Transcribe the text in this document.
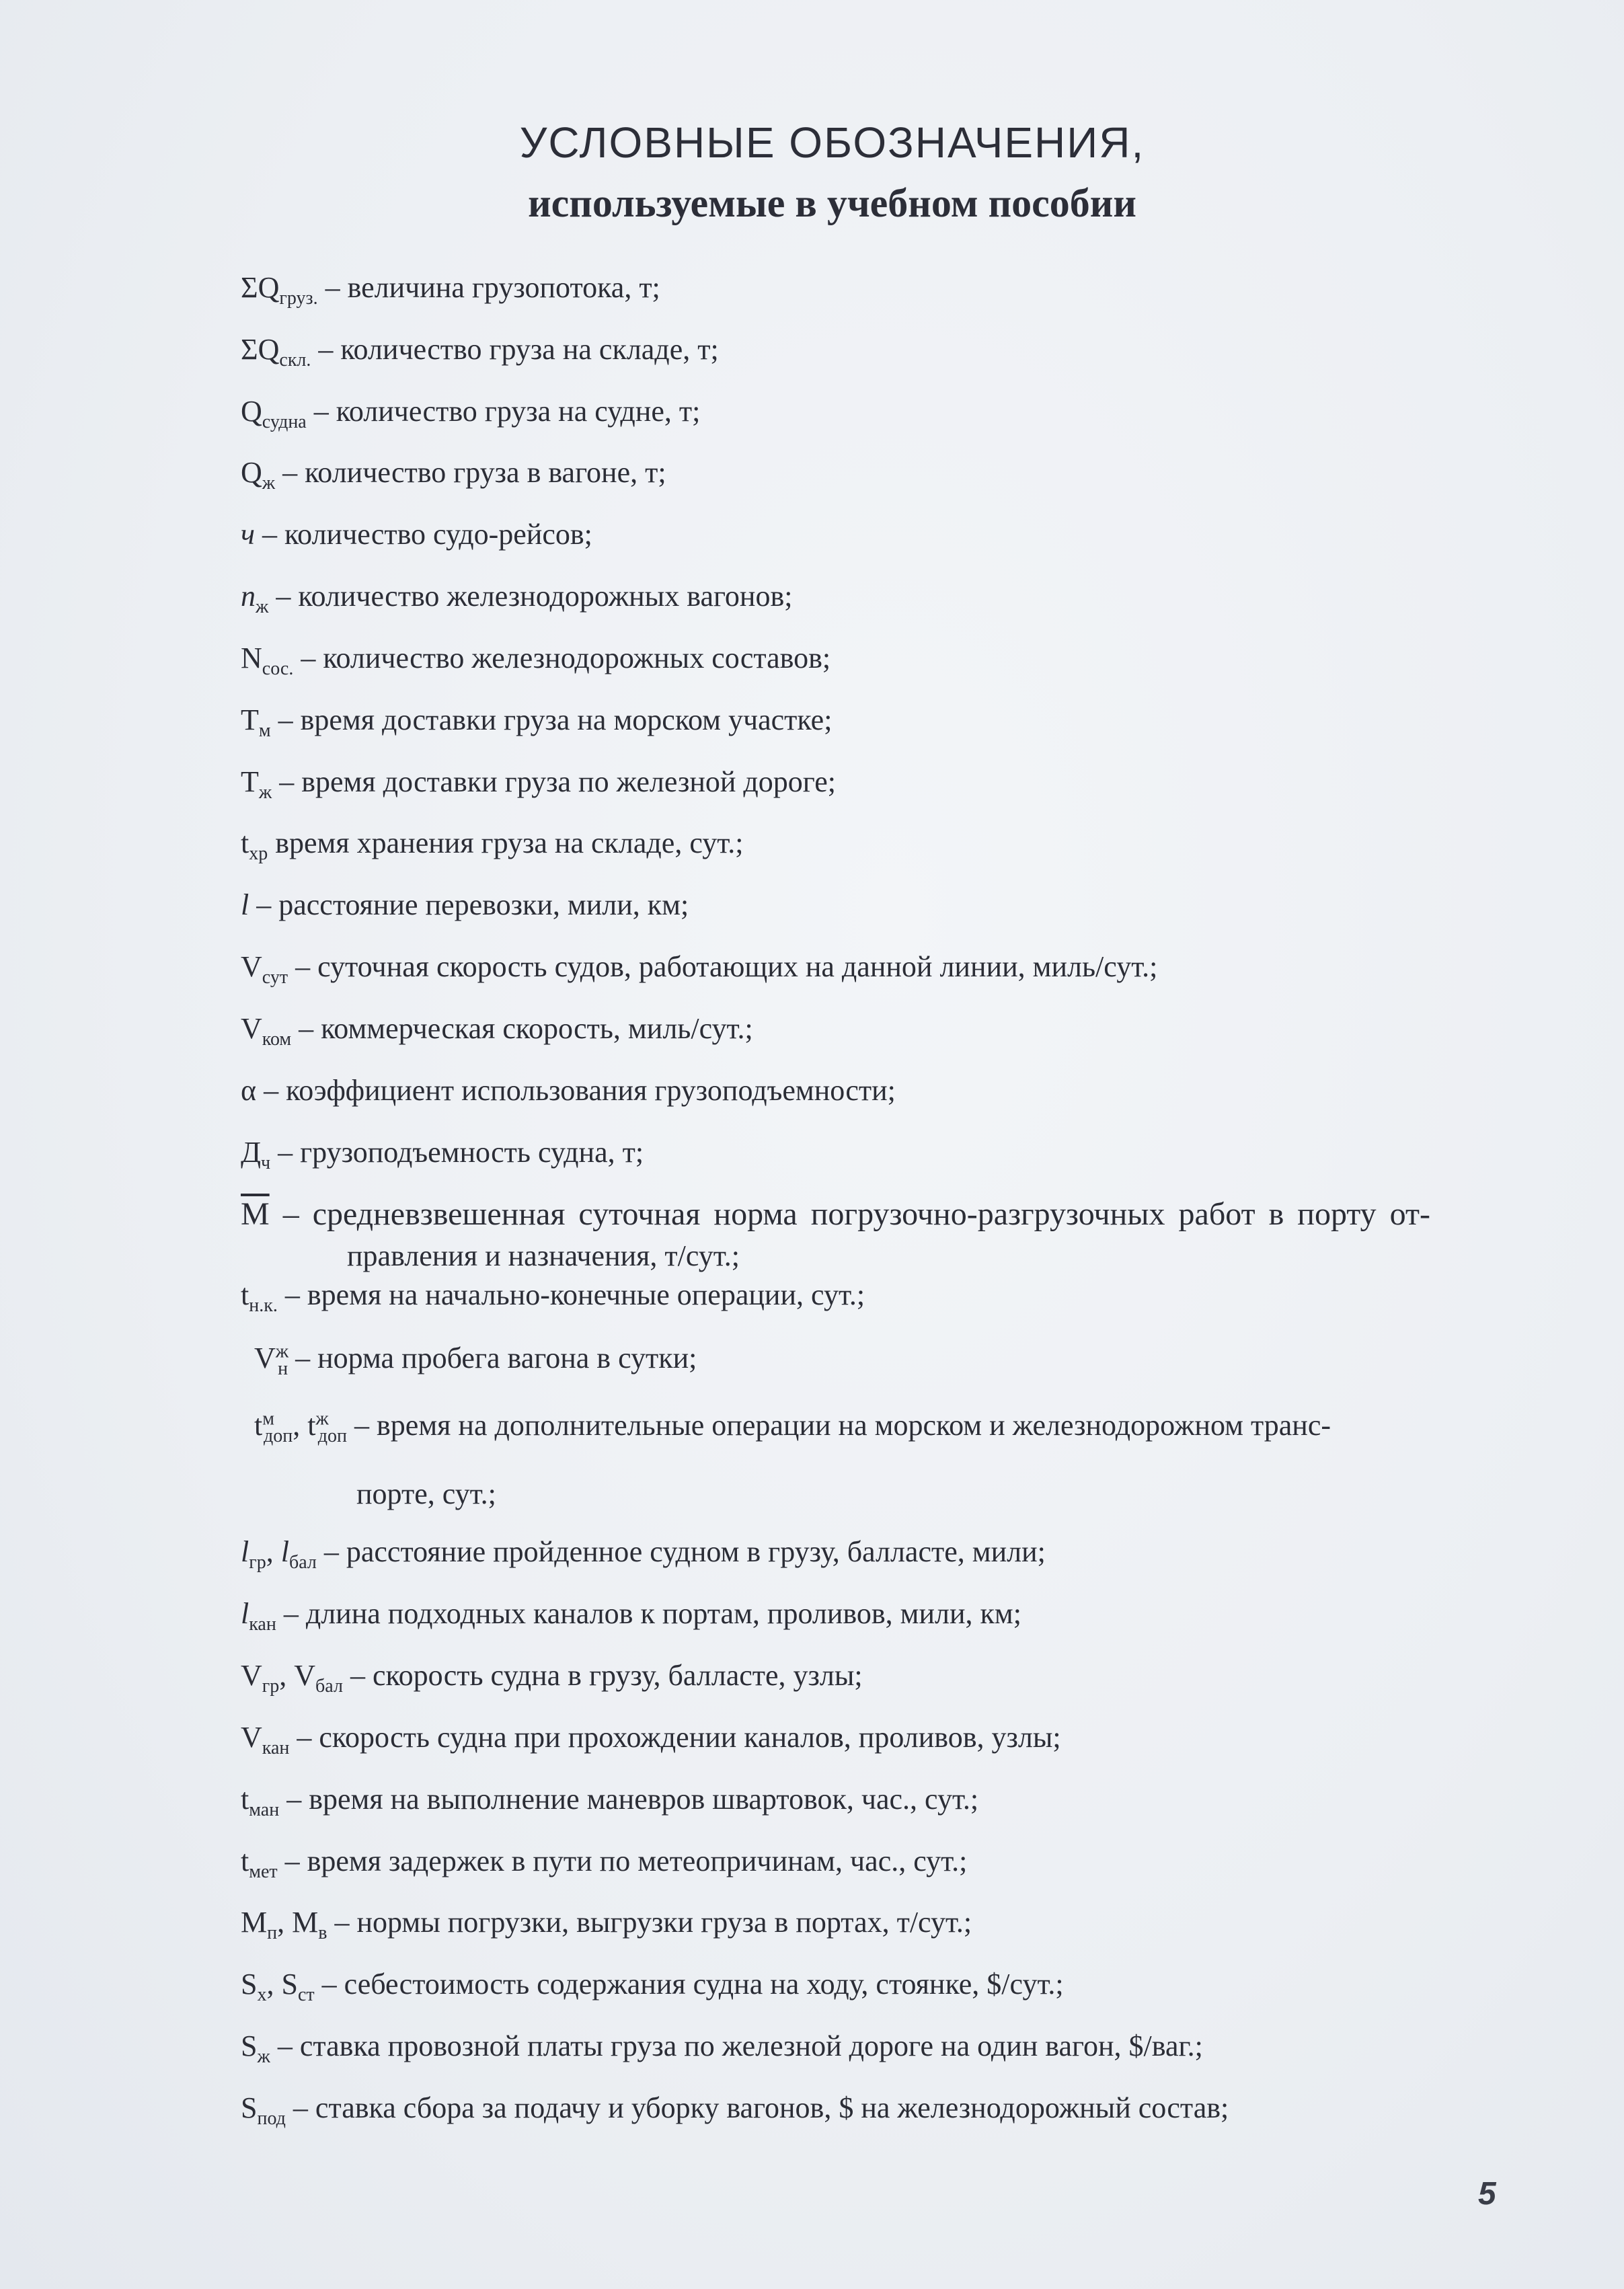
УСЛОВНЫЕ ОБОЗНАЧЕНИЯ,
используемые в учебном пособии
$\Sigma Q_{груз.}$ – величина грузопотока, т;
$\Sigma Q_{скл.}$ – количество груза на складе, т;
$Q_{судна}$ – количество груза на судне, т;
$Q_ж$ – количество груза в вагоне, т;
ч – количество судо-рейсов;
$n_ж$ – количество железнодорожных вагонов;
$N_{сос.}$ – количество железнодорожных составов;
$Т_м$ – время доставки груза на морском участке;
$Т_ж$ – время доставки груза по железной дороге;
$t_{хр}$ время хранения груза на складе, сут.;
l – расстояние перевозки, мили, км;
$V_{сут}$ – суточная скорость судов, работающих на данной линии, миль/сут.;
$V_{ком}$ – коммерческая скорость, миль/сут.;
α – коэффициент использования грузоподъемности;
$Д_ч$ – грузоподъемность судна, т;
М – средневзвешенная суточная норма погрузочно-разгрузочных работ в порту от-
правления и назначения, т/сут.;
$t_{н.к.}$ – время на начально-конечные операции, сут.;
$V^ж_н$ – норма пробега вагона в сутки;
$t^м_{доп}$, $t^ж_{доп}$ – время на дополнительные операции на морском и железнодорожном транс-
порте, сут.;
$l_{гр}$, $l_{бал}$ – расстояние пройденное судном в грузу, балласте, мили;
$l_{кан}$ – длина подходных каналов к портам, проливов, мили, км;
$V_{гр}$, $V_{бал}$ – скорость судна в грузу, балласте, узлы;
$V_{кан}$ – скорость судна при прохождении каналов, проливов, узлы;
$t_{ман}$ – время на выполнение маневров швартовок, час., сут.;
$t_{мет}$ – время задержек в пути по метеопричинам, час., сут.;
$М_п$, $М_в$ – нормы погрузки, выгрузки груза в портах, т/сут.;
$S_х$, $S_{ст}$ – себестоимость содержания судна на ходу, стоянке, $/сут.;
$S_ж$ – ставка провозной платы груза по железной дороге на один вагон, $/ваг.;
$S_{под}$ – ставка сбора за подачу и уборку вагонов, $ на железнодорожный состав;
5
